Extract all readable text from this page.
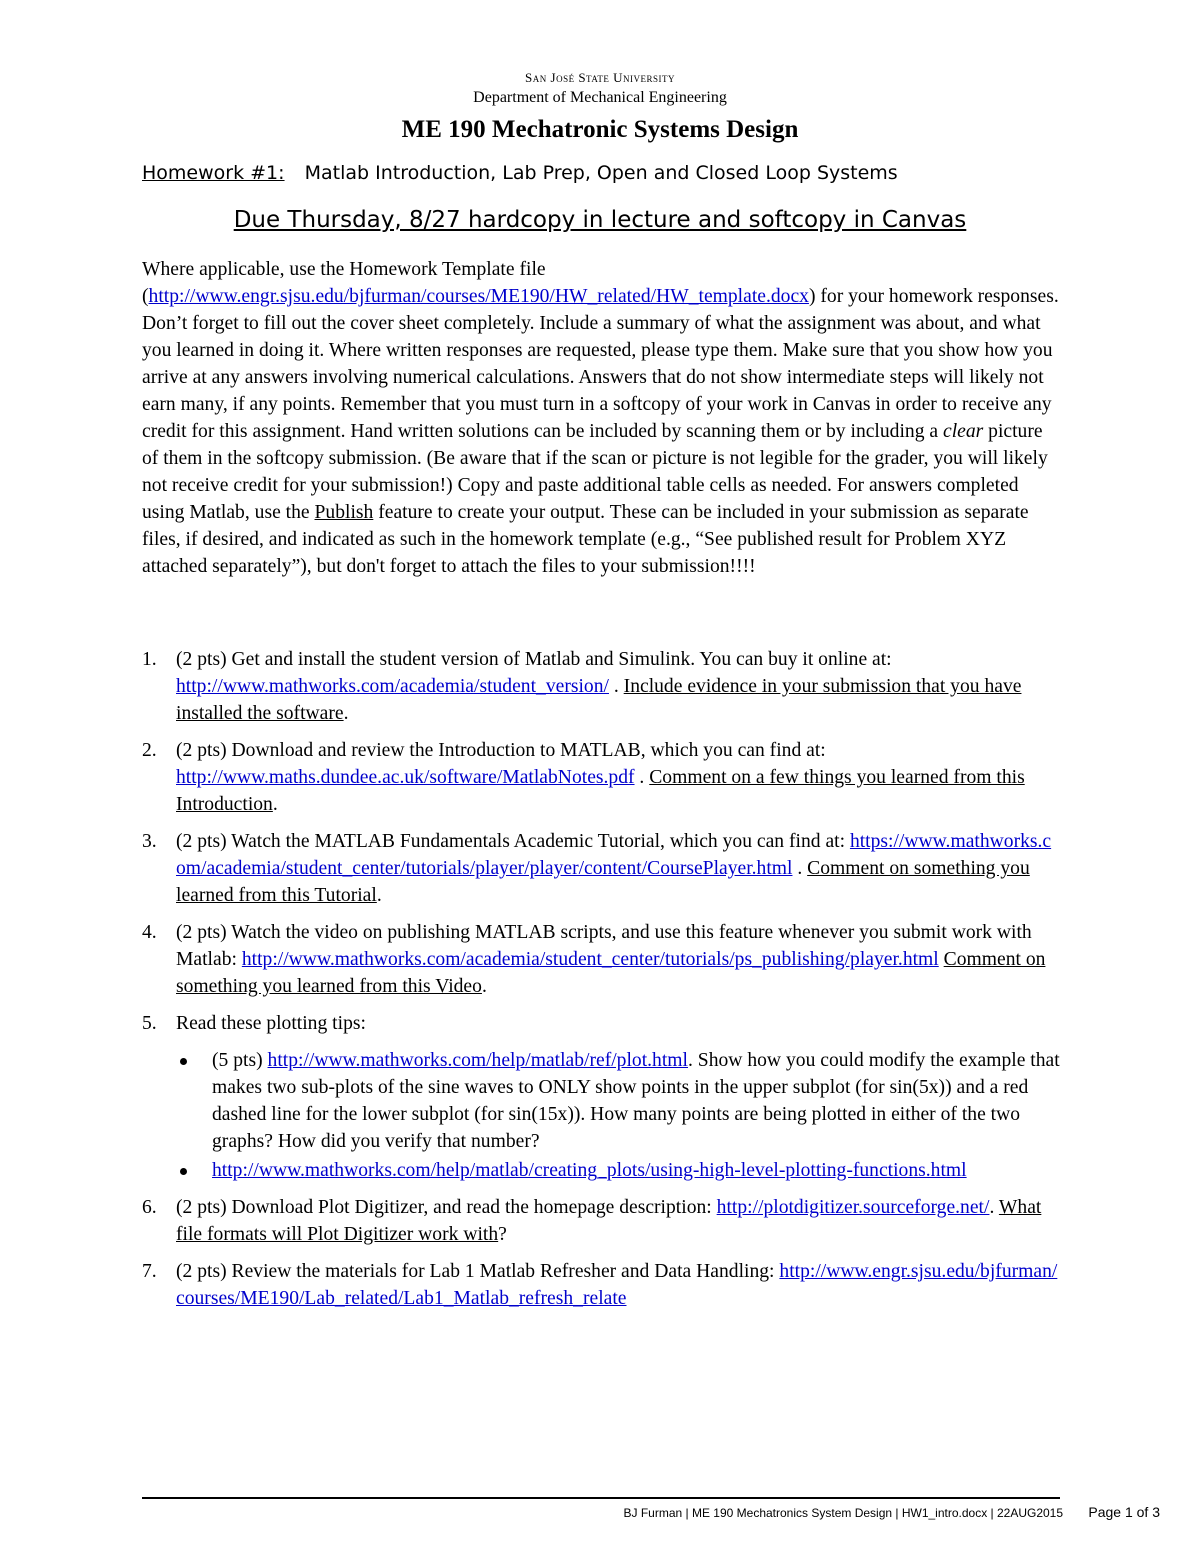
San José State University
Department of Mechanical Engineering
ME 190 Mechatronic Systems Design
Homework #1: Matlab Introduction, Lab Prep, Open and Closed Loop Systems
Due Thursday, 8/27 hardcopy in lecture and softcopy in Canvas
Where applicable, use the Homework Template file (http://www.engr.sjsu.edu/bjfurman/courses/ME190/HW_related/HW_template.docx) for your homework responses. Don’t forget to fill out the cover sheet completely. Include a summary of what the assignment was about, and what you learned in doing it. Where written responses are requested, please type them. Make sure that you show how you arrive at any answers involving numerical calculations. Answers that do not show intermediate steps will likely not earn many, if any points. Remember that you must turn in a softcopy of your work in Canvas in order to receive any credit for this assignment. Hand written solutions can be included by scanning them or by including a clear picture of them in the softcopy submission. (Be aware that if the scan or picture is not legible for the grader, you will likely not receive credit for your submission!) Copy and paste additional table cells as needed. For answers completed using Matlab, use the Publish feature to create your output. These can be included in your submission as separate files, if desired, and indicated as such in the homework template (e.g., “See published result for Problem XYZ attached separately”), but don't forget to attach the files to your submission!!!!
1. (2 pts) Get and install the student version of Matlab and Simulink. You can buy it online at: http://www.mathworks.com/academia/student_version/ . Include evidence in your submission that you have installed the software.
2. (2 pts) Download and review the Introduction to MATLAB, which you can find at: http://www.maths.dundee.ac.uk/software/MatlabNotes.pdf . Comment on a few things you learned from this Introduction.
3. (2 pts) Watch the MATLAB Fundamentals Academic Tutorial, which you can find at: https://www.mathworks.com/academia/student_center/tutorials/player/player/content/CoursePlayer.html . Comment on something you learned from this Tutorial.
4. (2 pts) Watch the video on publishing MATLAB scripts, and use this feature whenever you submit work with Matlab: http://www.mathworks.com/academia/student_center/tutorials/ps_publishing/player.html Comment on something you learned from this Video.
5. Read these plotting tips:
(5 pts) http://www.mathworks.com/help/matlab/ref/plot.html. Show how you could modify the example that makes two sub-plots of the sine waves to ONLY show points in the upper subplot (for sin(5x)) and a red dashed line for the lower subplot (for sin(15x)). How many points are being plotted in either of the two graphs? How did you verify that number?
http://www.mathworks.com/help/matlab/creating_plots/using-high-level-plotting-functions.html
6. (2 pts) Download Plot Digitizer, and read the homepage description: http://plotdigitizer.sourceforge.net/. What file formats will Plot Digitizer work with?
7. (2 pts) Review the materials for Lab 1 Matlab Refresher and Data Handling: http://www.engr.sjsu.edu/bjfurman/courses/ME190/Lab_related/Lab1_Matlab_refresh_relate
BJ Furman | ME 190 Mechatronics System Design | HW1_intro.docx | 22AUG2015 Page 1 of 3
